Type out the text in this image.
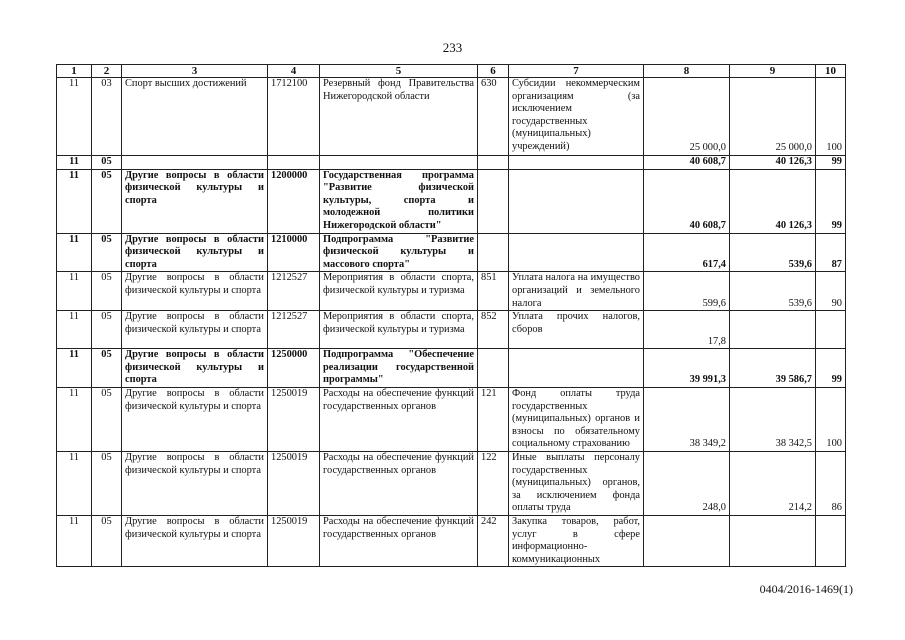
233
1	2	3	4	5	6	7	8	9	10
11	03	Спорт высших достижений	1712100	Резервный фонд Правительства Нижегородской области	630	Субсидии некоммерческим организациям (за исключением государственных (муниципальных) учреждений)	25 000,0	25 000,0	100
11	05						40 608,7	40 126,3	99
11	05	Другие вопросы в области физической культуры и спорта	1200000	Государственная программа "Развитие физической культуры, спорта и молодежной политики Нижегородской области"			40 608,7	40 126,3	99
11	05	Другие вопросы в области физической культуры и спорта	1210000	Подпрограмма "Развитие физической культуры и массового спорта"			617,4	539,6	87
11	05	Другие вопросы в области физической культуры и спорта	1212527	Мероприятия в области спорта, физической культуры и туризма	851	Уплата налога на имущество организаций и земельного налога	599,6	539,6	90
11	05	Другие вопросы в области физической культуры и спорта	1212527	Мероприятия в области спорта, физической культуры и туризма	852	Уплата прочих налогов, сборов	17,8		
11	05	Другие вопросы в области физической культуры и спорта	1250000	Подпрограмма "Обеспечение реализации государственной программы"			39 991,3	39 586,7	99
11	05	Другие вопросы в области физической культуры и спорта	1250019	Расходы на обеспечение функций государственных органов	121	Фонд оплаты труда государственных (муниципальных) органов и взносы по обязательному социальному страхованию	38 349,2	38 342,5	100
11	05	Другие вопросы в области физической культуры и спорта	1250019	Расходы на обеспечение функций государственных органов	122	Иные выплаты персоналу государственных (муниципальных) органов, за исключением фонда оплаты труда	248,0	214,2	86
11	05	Другие вопросы в области физической культуры и спорта	1250019	Расходы на обеспечение функций государственных органов	242	Закупка товаров, работ, услуг в сфере информационно-коммуникационных			
0404/2016-1469(1)
